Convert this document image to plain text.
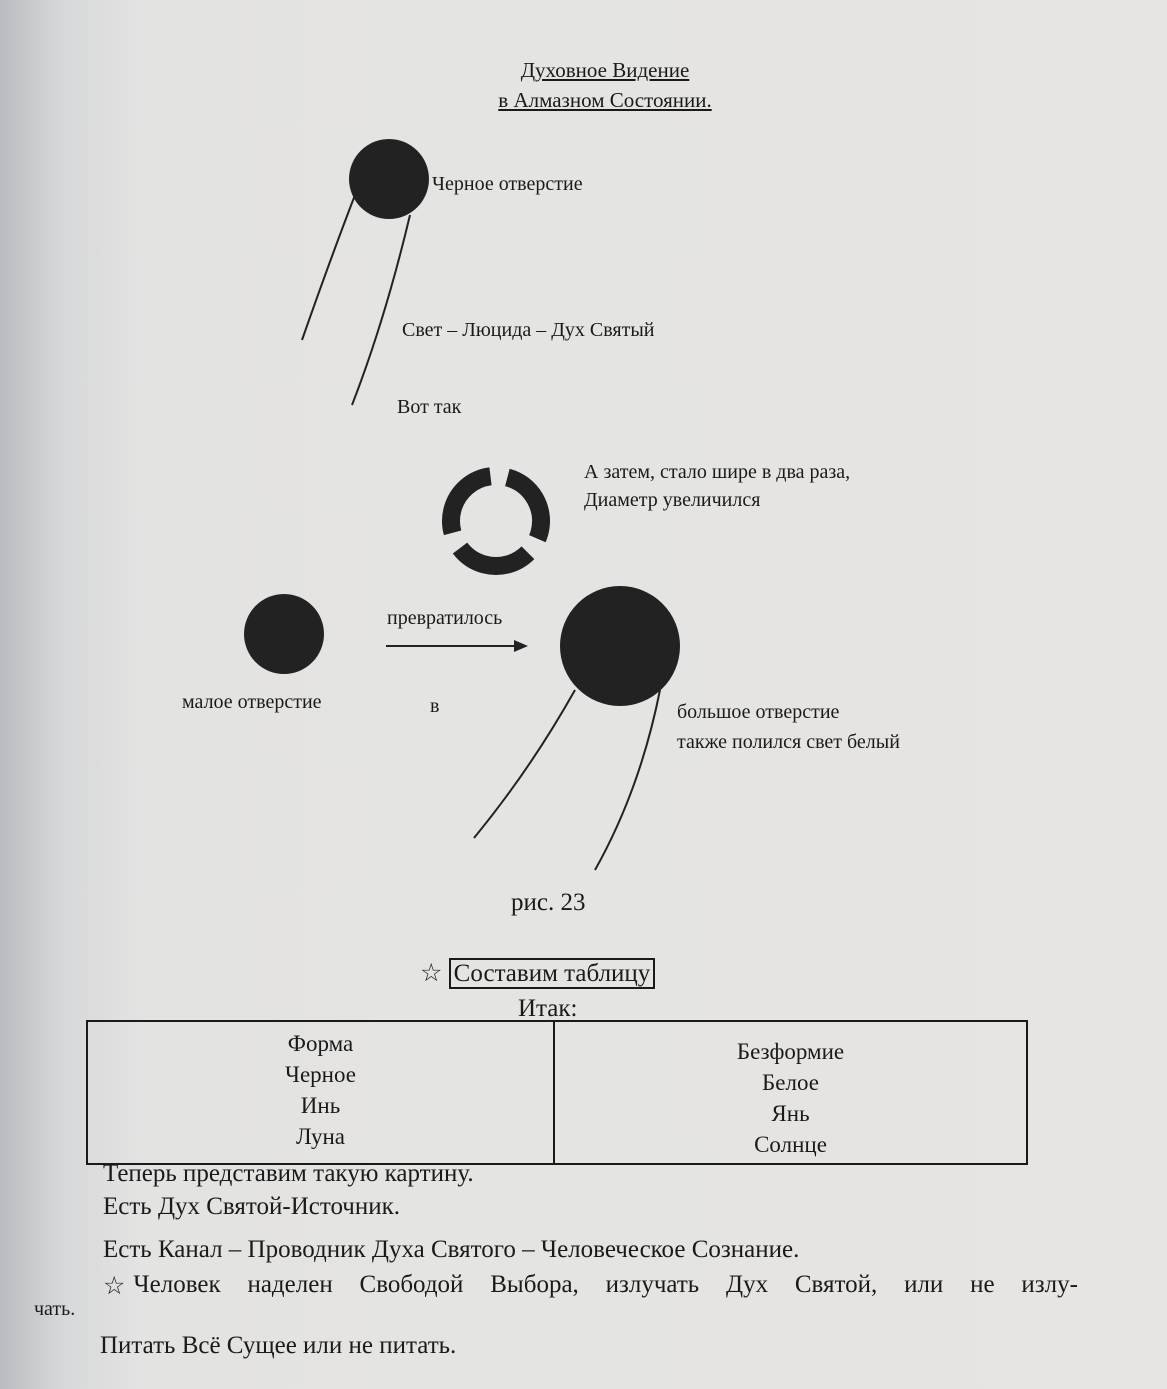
Духовное Видение
в Алмазном Состоянии.
Черное отверстие
Свет – Люцида – Дух Святый
Вот так
А затем, стало шире в два раза,
Диаметр увеличился
превратилось
малое отверстие	в	большое отверстие
также полился свет белый
рис. 23
☆ Составим таблицу
Итак:
Форма
Черное
Инь
Луна

Безформие
Белое
Янь
Солнце
Теперь представим такую картину.
Есть Дух Святой-Источник.
Есть Канал – Проводник Духа Святого – Человеческое Сознание.
☆ Человек наделен Свободой Выбора, излучать Дух Святой, или не излу-
чать.
Питать Всё Сущее или не питать.
